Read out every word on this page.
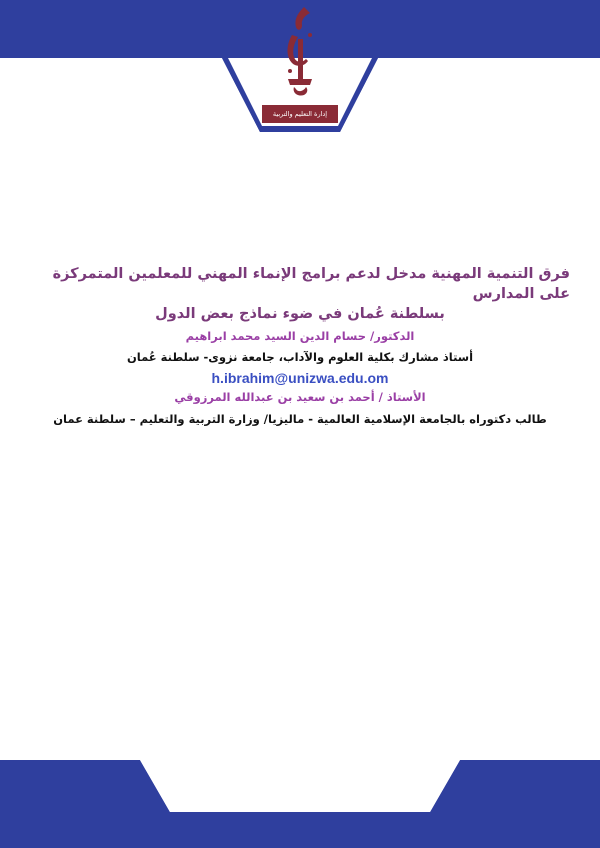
إدارة التعليم والتربية
فرق التنمية المهنية مدخل لدعم برامج الإنماء المهني للمعلمين المتمركزة على المدارس
بسلطنة عُمان في ضوء نماذج بعض الدول
الدكتور/ حسام الدين السيد محمد ابراهيم
أستاذ مشارك بكلية العلوم والآداب، جامعة نزوى- سلطنة عُمان
h.ibrahim@unizwa.edu.om
الأستاذ / أحمد بن سعيد بن عبدالله المرزوقي
طالب دكتوراه بالجامعة الإسلامية العالمية - ماليزيا/ وزارة التربية والتعليم – سلطنة عمان
ahmed.almarzouqi21@moe.om
